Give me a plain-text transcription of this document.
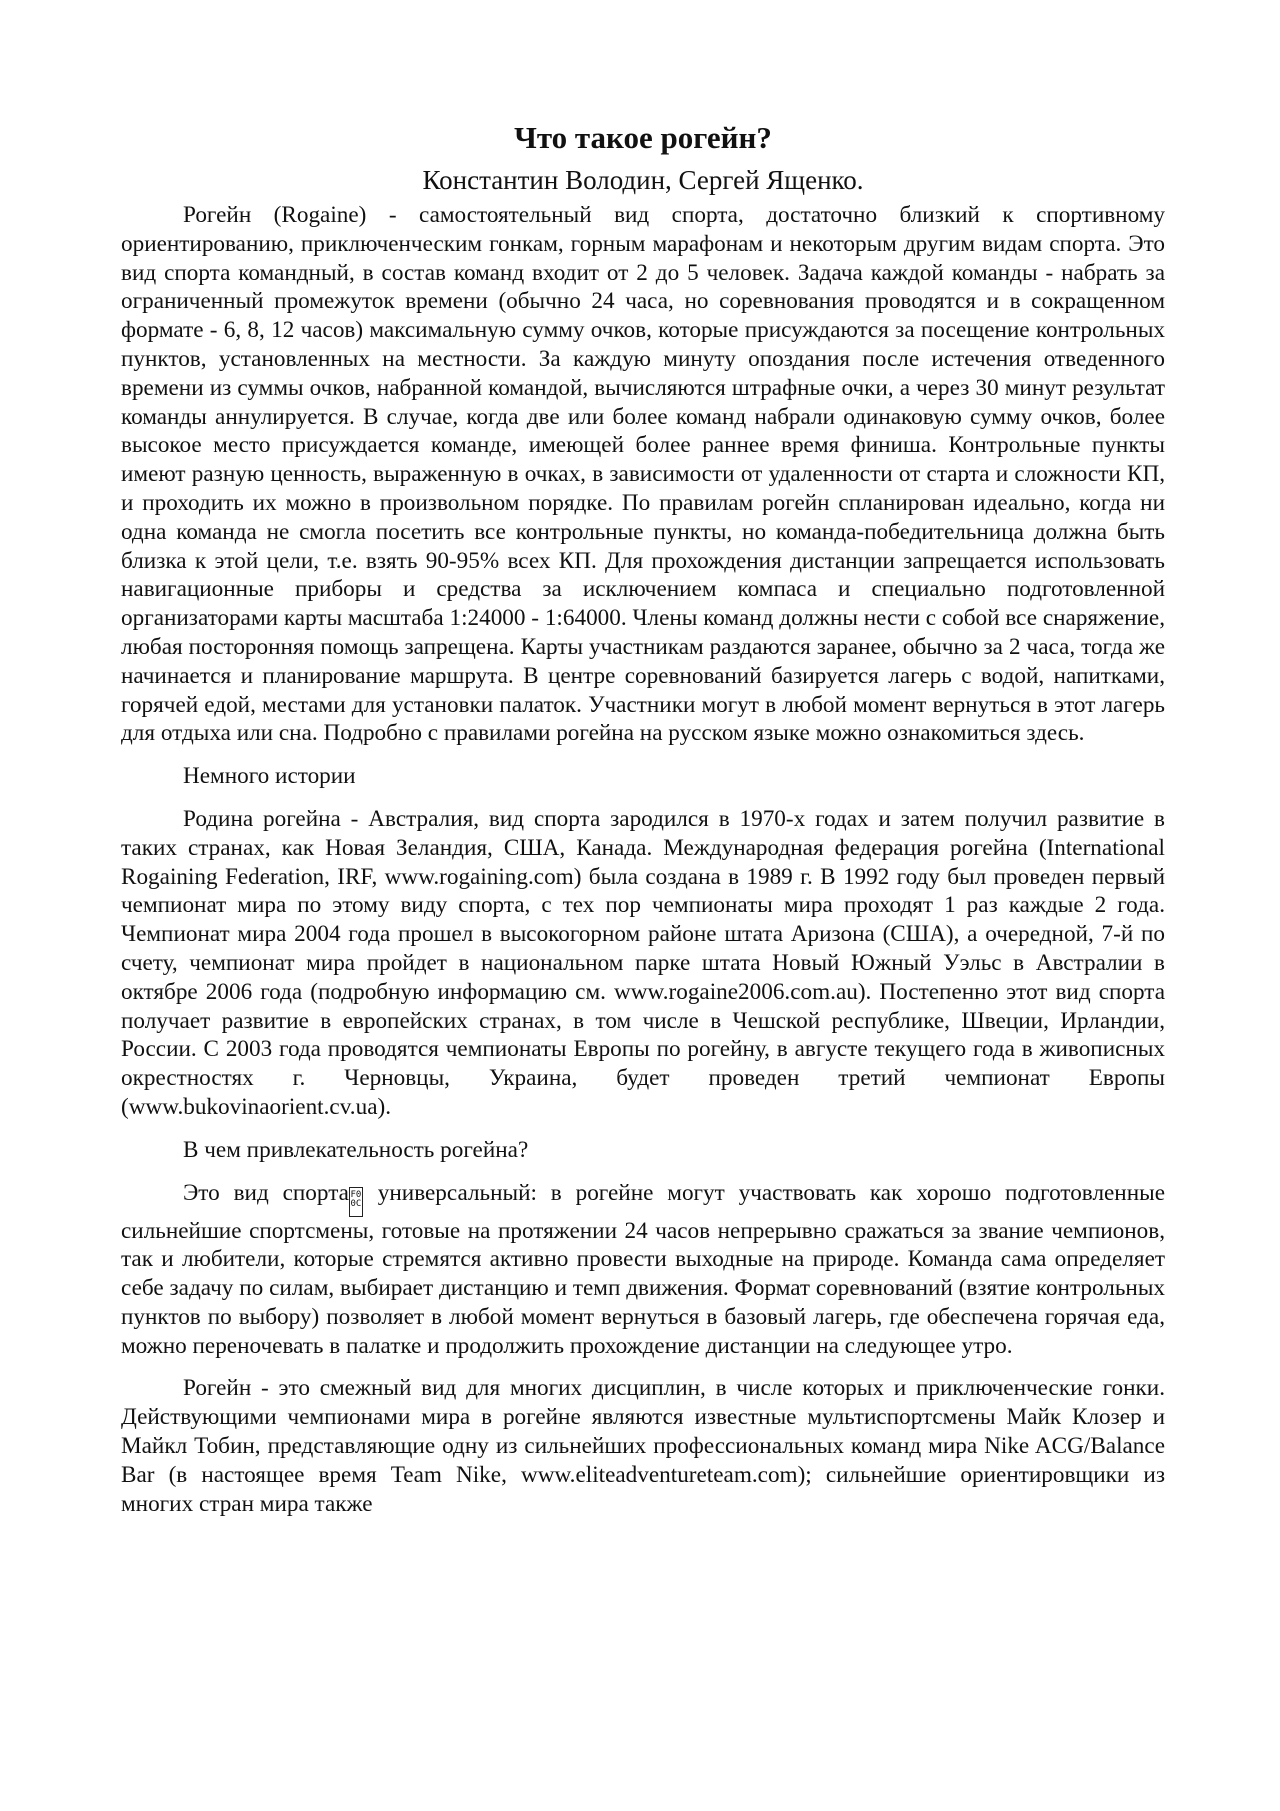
Что такое рогейн?
Константин Володин, Сергей Ященко.

Рогейн (Rogaine) - самостоятельный вид спорта, достаточно близкий к спортивному ориентированию, приключенческим гонкам, горным марафонам и некоторым другим видам спорта. Это вид спорта командный, в состав команд входит от 2 до 5 человек. Задача каждой команды - набрать за ограниченный промежуток времени (обычно 24 часа, но соревнования проводятся и в сокращенном формате - 6, 8, 12 часов) максимальную сумму очков, которые присуждаются за посещение контрольных пунктов, установленных на местности. За каждую минуту опоздания после истечения отведенного времени из суммы очков, набранной командой, вычисляются штрафные очки, а через 30 минут результат команды аннулируется. В случае, когда две или более команд набрали одинаковую сумму очков, более высокое место присуждается команде, имеющей более раннее время финиша. Контрольные пункты имеют разную ценность, выраженную в очках, в зависимости от удаленности от старта и сложности КП, и проходить их можно в произвольном порядке. По правилам рогейн спланирован идеально, когда ни одна команда не смогла посетить все контрольные пункты, но команда-победительница должна быть близка к этой цели, т.е. взять 90-95% всех КП. Для прохождения дистанции запрещается использовать навигационные приборы и средства за исключением компаса и специально подготовленной организаторами карты масштаба 1:24000 - 1:64000. Члены команд должны нести с собой все снаряжение, любая посторонняя помощь запрещена. Карты участникам раздаются заранее, обычно за 2 часа, тогда же начинается и планирование маршрута. В центре соревнований базируется лагерь с водой, напитками, горячей едой, местами для установки палаток. Участники могут в любой момент вернуться в этот лагерь для отдыха или сна. Подробно с правилами рогейна на русском языке можно ознакомиться здесь.

Немного истории

Родина рогейна - Австралия, вид спорта зародился в 1970-х годах и затем получил развитие в таких странах, как Новая Зеландия, США, Канада. Международная федерация рогейна (International Rogaining Federation, IRF, www.rogaining.com) была создана в 1989 г. В 1992 году был проведен первый чемпионат мира по этому виду спорта, с тех пор чемпионаты мира проходят 1 раз каждые 2 года. Чемпионат мира 2004 года прошел в высокогорном районе штата Аризона (США), а очередной, 7-й по счету, чемпионат мира пройдет в национальном парке штата Новый Южный Уэльс в Австралии в октябре 2006 года (подробную информацию см. www.rogaine2006.com.au). Постепенно этот вид спорта получает развитие в европейских странах, в том числе в Чешской республике, Швеции, Ирландии, России. С 2003 года проводятся чемпионаты Европы по рогейну, в августе текущего года в живописных окрестностях г. Черновцы, Украина, будет проведен третий чемпионат Европы (www.bukovinaorient.cv.ua).

В чем привлекательность рогейна?

Это вид спорта F0
0C универсальный: в рогейне могут участвовать как хорошо подготовленные сильнейшие спортсмены, готовые на протяжении 24 часов непрерывно сражаться за звание чемпионов, так и любители, которые стремятся активно провести выходные на природе. Команда сама определяет себе задачу по силам, выбирает дистанцию и темп движения. Формат соревнований (взятие контрольных пунктов по выбору) позволяет в любой момент вернуться в базовый лагерь, где обеспечена горячая еда, можно переночевать в палатке и продолжить прохождение дистанции на следующее утро.

Рогейн - это смежный вид для многих дисциплин, в числе которых и приключенческие гонки. Действующими чемпионами мира в рогейне являются известные мультиспортсмены Майк Клозер и Майкл Тобин, представляющие одну из сильнейших профессиональных команд мира Nike ACG/Balance Bar (в настоящее время Team Nike, www.eliteadventureteam.com); сильнейшие ориентировщики из многих стран мира также
